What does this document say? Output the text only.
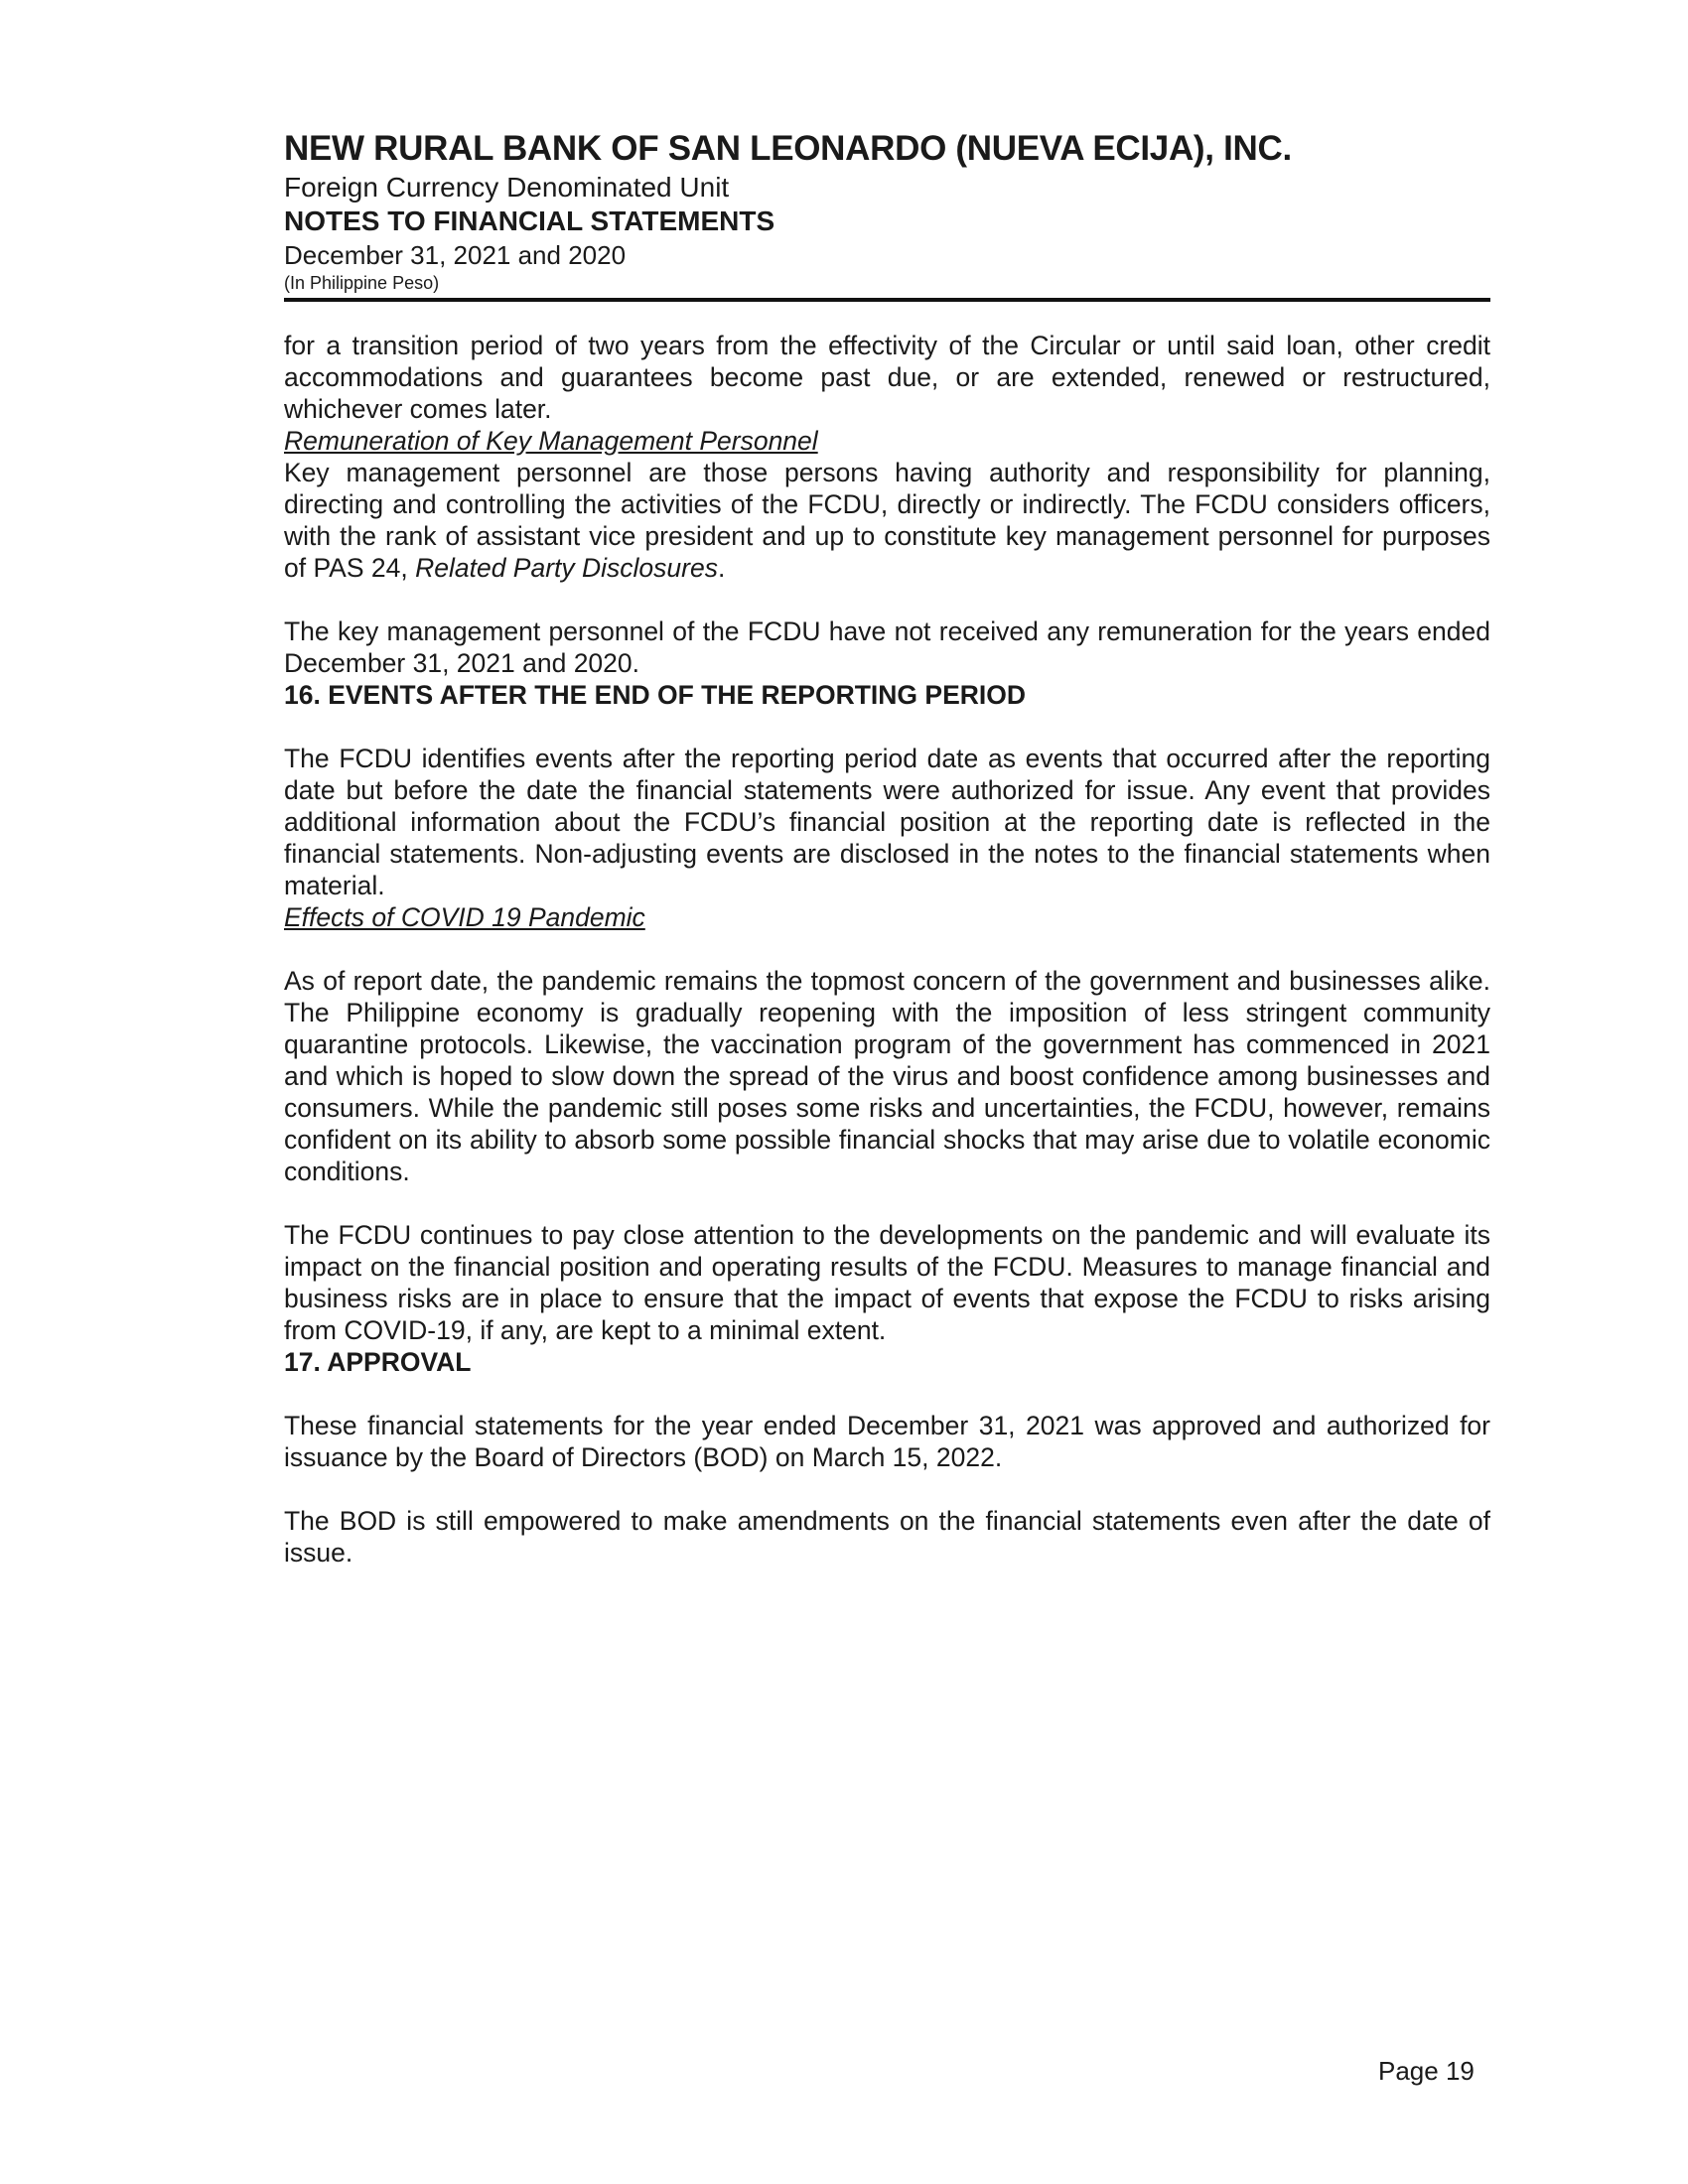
NEW RURAL BANK OF SAN LEONARDO (NUEVA ECIJA), INC.

Foreign Currency Denominated Unit

NOTES TO FINANCIAL STATEMENTS

December 31, 2021 and 2020

(In Philippine Peso)

for a transition period of two years from the effectivity of the Circular or until said loan, other credit accommodations and guarantees become past due, or are extended, renewed or restructured, whichever comes later.

Remuneration of Key Management Personnel

Key management personnel are those persons having authority and responsibility for planning, directing and controlling the activities of the FCDU, directly or indirectly. The FCDU considers officers, with the rank of assistant vice president and up to constitute key management personnel for purposes of PAS 24, Related Party Disclosures.

The key management personnel of the FCDU have not received any remuneration for the years ended December 31, 2021 and 2020.

16. EVENTS AFTER THE END OF THE REPORTING PERIOD

The FCDU identifies events after the reporting period date as events that occurred after the reporting date but before the date the financial statements were authorized for issue. Any event that provides additional information about the FCDU’s financial position at the reporting date is reflected in the financial statements. Non-adjusting events are disclosed in the notes to the financial statements when material.

Effects of COVID 19 Pandemic

As of report date, the pandemic remains the topmost concern of the government and businesses alike. The Philippine economy is gradually reopening with the imposition of less stringent community quarantine protocols. Likewise, the vaccination program of the government has commenced in 2021 and which is hoped to slow down the spread of the virus and boost confidence among businesses and consumers. While the pandemic still poses some risks and uncertainties, the FCDU, however, remains confident on its ability to absorb some possible financial shocks that may arise due to volatile economic conditions.

The FCDU continues to pay close attention to the developments on the pandemic and will evaluate its impact on the financial position and operating results of the FCDU. Measures to manage financial and business risks are in place to ensure that the impact of events that expose the FCDU to risks arising from COVID-19, if any, are kept to a minimal extent.

17. APPROVAL

These financial statements for the year ended December 31, 2021 was approved and authorized for issuance by the Board of Directors (BOD) on March 15, 2022.

The BOD is still empowered to make amendments on the financial statements even after the date of issue.

Page 19
